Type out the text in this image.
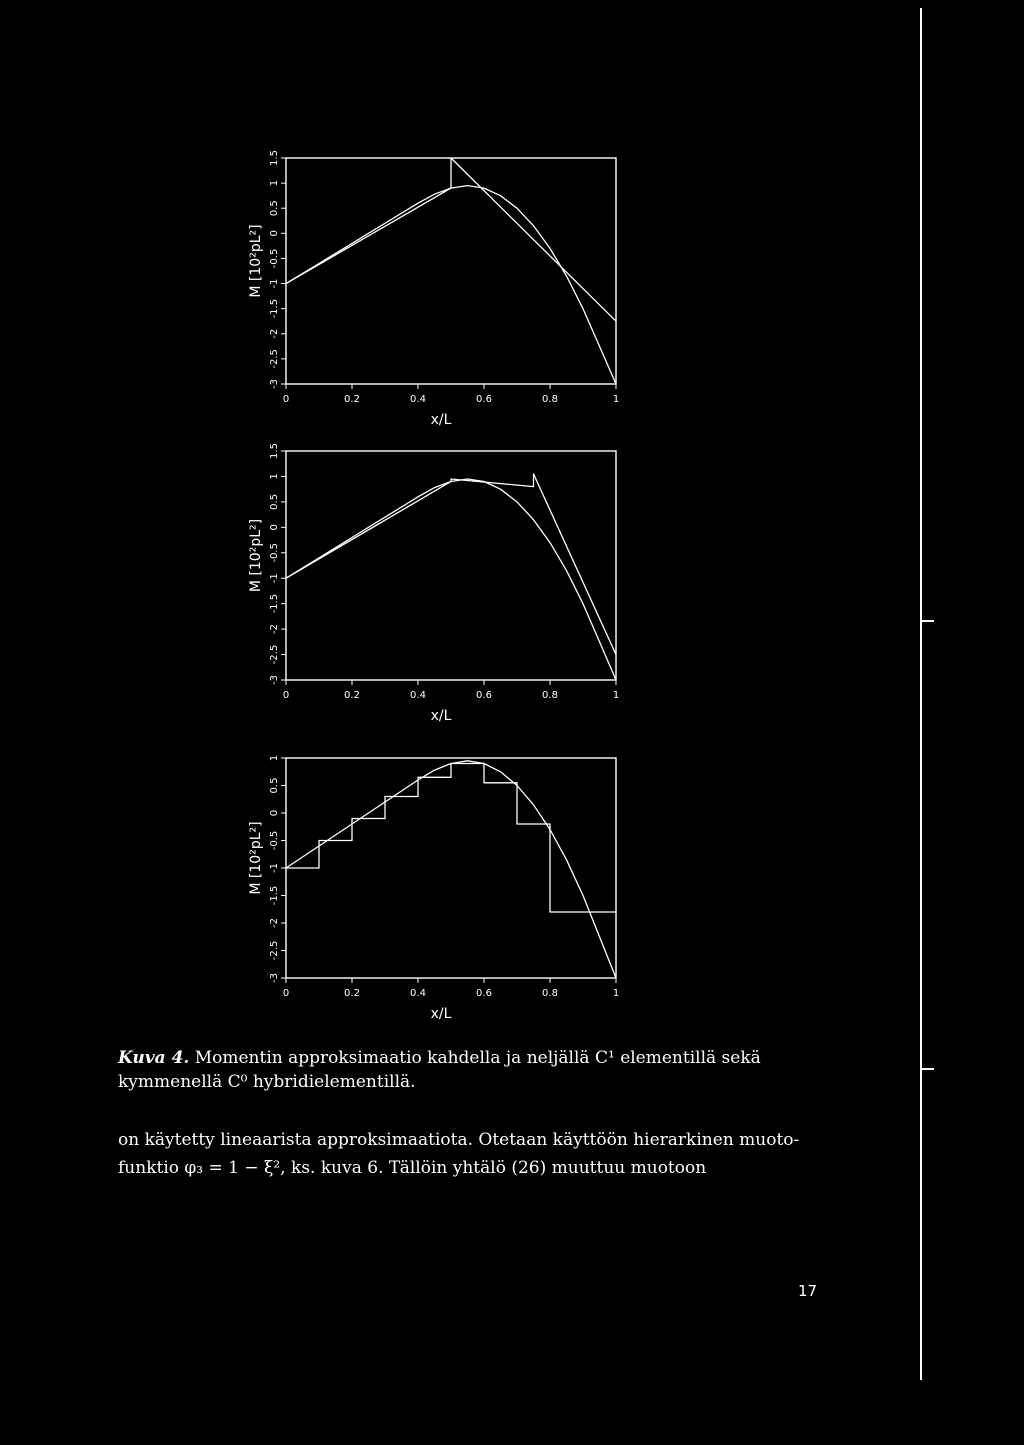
0	0.2	0.4	0.6	0.8	1
-3
-2.5
-2
-1.5
-1
-0.5
0
0.5
1
1.5
x/L
M [10²pL²]
0	0.2	0.4	0.6	0.8	1
-3
-2.5
-2
-1.5
-1
-0.5
0
0.5
1
1.5
x/L
M [10²pL²]
0	0.2	0.4	0.6	0.8	1
-3
-2.5
-2
-1.5
-1
-0.5
0
0.5
1
x/L
M [10²pL²]
Kuva 4. Momentin approksimaatio kahdella ja neljällä C¹ elementillä sekä kymmenellä C⁰ hybridielementillä.
on käytetty lineaarista approksimaatiota. Otetaan käyttöön hierarkinen muoto-
funktio φ₃ = 1 − ξ², ks. kuva 6. Tällöin yhtälö (26) muuttuu muotoon
17
